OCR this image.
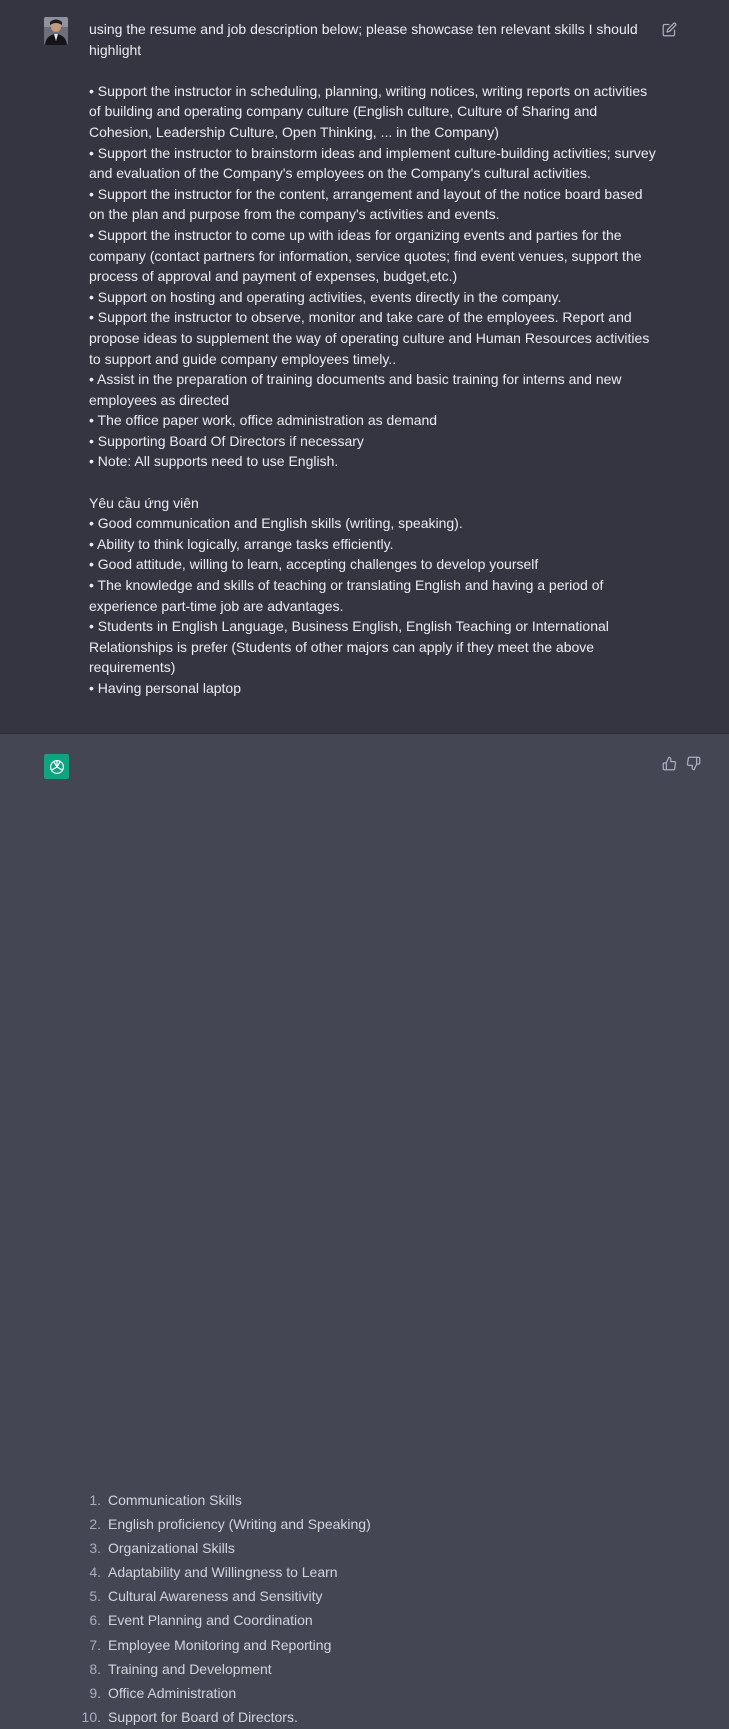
using the resume and job description below; please showcase ten relevant skills I should highlight

• Support the instructor in scheduling, planning, writing notices, writing reports on activities of building and operating company culture (English culture, Culture of Sharing and Cohesion, Leadership Culture, Open Thinking, ... in the Company)

• Support the instructor to brainstorm ideas and implement culture-building activities; survey and evaluation of the Company's employees on the Company's cultural activities.

• Support the instructor for the content, arrangement and layout of the notice board based on the plan and purpose from the company's activities and events.

• Support the instructor to come up with ideas for organizing events and parties for the company (contact partners for information, service quotes; find event venues, support the process of approval and payment of expenses, budget,etc.)

• Support on hosting and operating activities, events directly in the company.

• Support the instructor to observe, monitor and take care of the employees. Report and propose ideas to supplement the way of operating culture and Human Resources activities to support and guide company employees timely..

• Assist in the preparation of training documents and basic training for interns and new employees as directed

• The office paper work, office administration as demand

• Supporting Board Of Directors if necessary

• Note: All supports need to use English.

Yêu cầu ứng viên

• Good communication and English skills (writing, speaking).

• Ability to think logically, arrange tasks efficiently.

• Good attitude, willing to learn, accepting challenges to develop yourself

• The knowledge and skills of teaching or translating English and having a period of experience part-time job are advantages.

• Students in English Language, Business English, English Teaching or International Relationships is prefer (Students of other majors can apply if they meet the above requirements)

• Having personal laptop

1. Communication Skills
2. English proficiency (Writing and Speaking)
3. Organizational Skills
4. Adaptability and Willingness to Learn
5. Cultural Awareness and Sensitivity
6. Event Planning and Coordination
7. Employee Monitoring and Reporting
8. Training and Development
9. Office Administration
10. Support for Board of Directors.
